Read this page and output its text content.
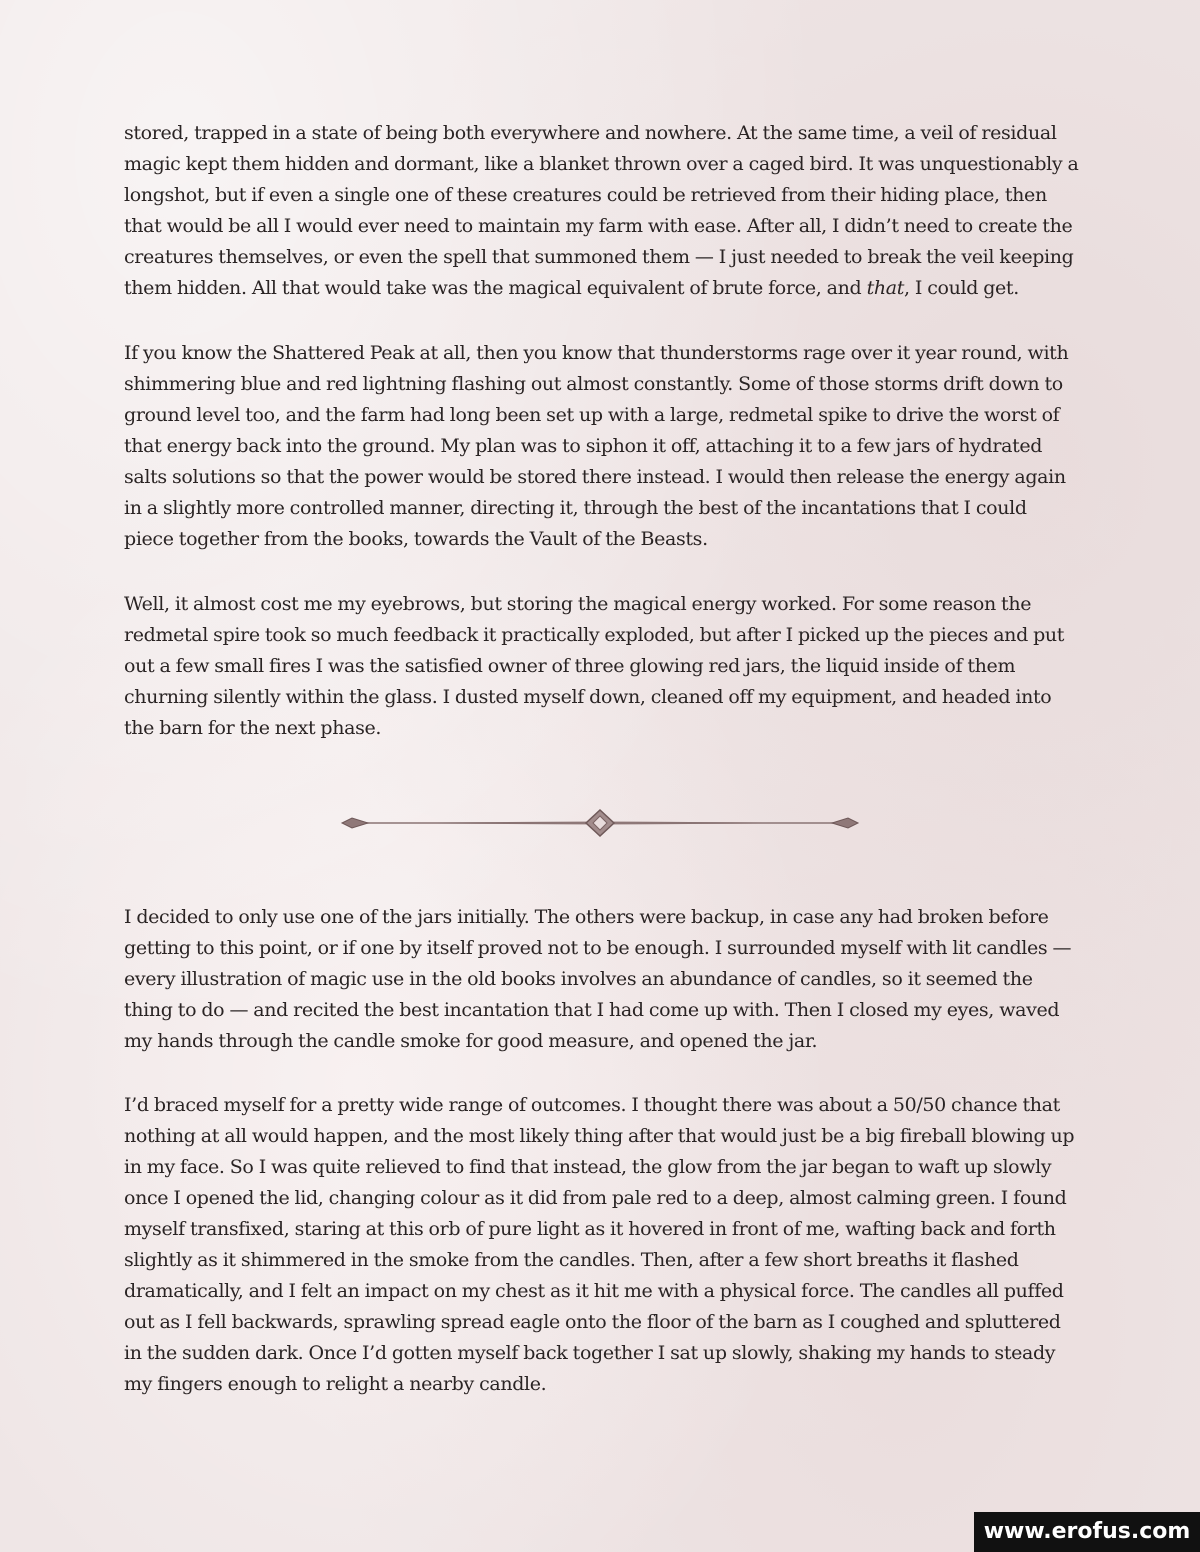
stored, trapped in a state of being both everywhere and nowhere. At the same time, a veil of residual magic kept them hidden and dormant, like a blanket thrown over a caged bird. It was unquestionably a longshot, but if even a single one of these creatures could be retrieved from their hiding place, then that would be all I would ever need to maintain my farm with ease. After all, I didn’t need to create the creatures themselves, or even the spell that summoned them — I just needed to break the veil keeping them hidden. All that would take was the magical equivalent of brute force, and that, I could get.

If you know the Shattered Peak at all, then you know that thunderstorms rage over it year round, with shimmering blue and red lightning flashing out almost constantly. Some of those storms drift down to ground level too, and the farm had long been set up with a large, redmetal spike to drive the worst of that energy back into the ground. My plan was to siphon it off, attaching it to a few jars of hydrated salts solutions so that the power would be stored there instead. I would then release the energy again in a slightly more controlled manner, directing it, through the best of the incantations that I could piece together from the books, towards the Vault of the Beasts.

Well, it almost cost me my eyebrows, but storing the magical energy worked. For some reason the redmetal spire took so much feedback it practically exploded, but after I picked up the pieces and put out a few small fires I was the satisfied owner of three glowing red jars, the liquid inside of them churning silently within the glass. I dusted myself down, cleaned off my equipment, and headed into the barn for the next phase.

I decided to only use one of the jars initially. The others were backup, in case any had broken before getting to this point, or if one by itself proved not to be enough. I surrounded myself with lit candles — every illustration of magic use in the old books involves an abundance of candles, so it seemed the thing to do — and recited the best incantation that I had come up with. Then I closed my eyes, waved my hands through the candle smoke for good measure, and opened the jar.

I’d braced myself for a pretty wide range of outcomes. I thought there was about a 50/50 chance that nothing at all would happen, and the most likely thing after that would just be a big fireball blowing up in my face. So I was quite relieved to find that instead, the glow from the jar began to waft up slowly once I opened the lid, changing colour as it did from pale red to a deep, almost calming green. I found myself transfixed, staring at this orb of pure light as it hovered in front of me, wafting back and forth slightly as it shimmered in the smoke from the candles. Then, after a few short breaths it flashed dramatically, and I felt an impact on my chest as it hit me with a physical force. The candles all puffed out as I fell backwards, sprawling spread eagle onto the floor of the barn as I coughed and spluttered in the sudden dark. Once I’d gotten myself back together I sat up slowly, shaking my hands to steady my fingers enough to relight a nearby candle.

www.erofus.com
